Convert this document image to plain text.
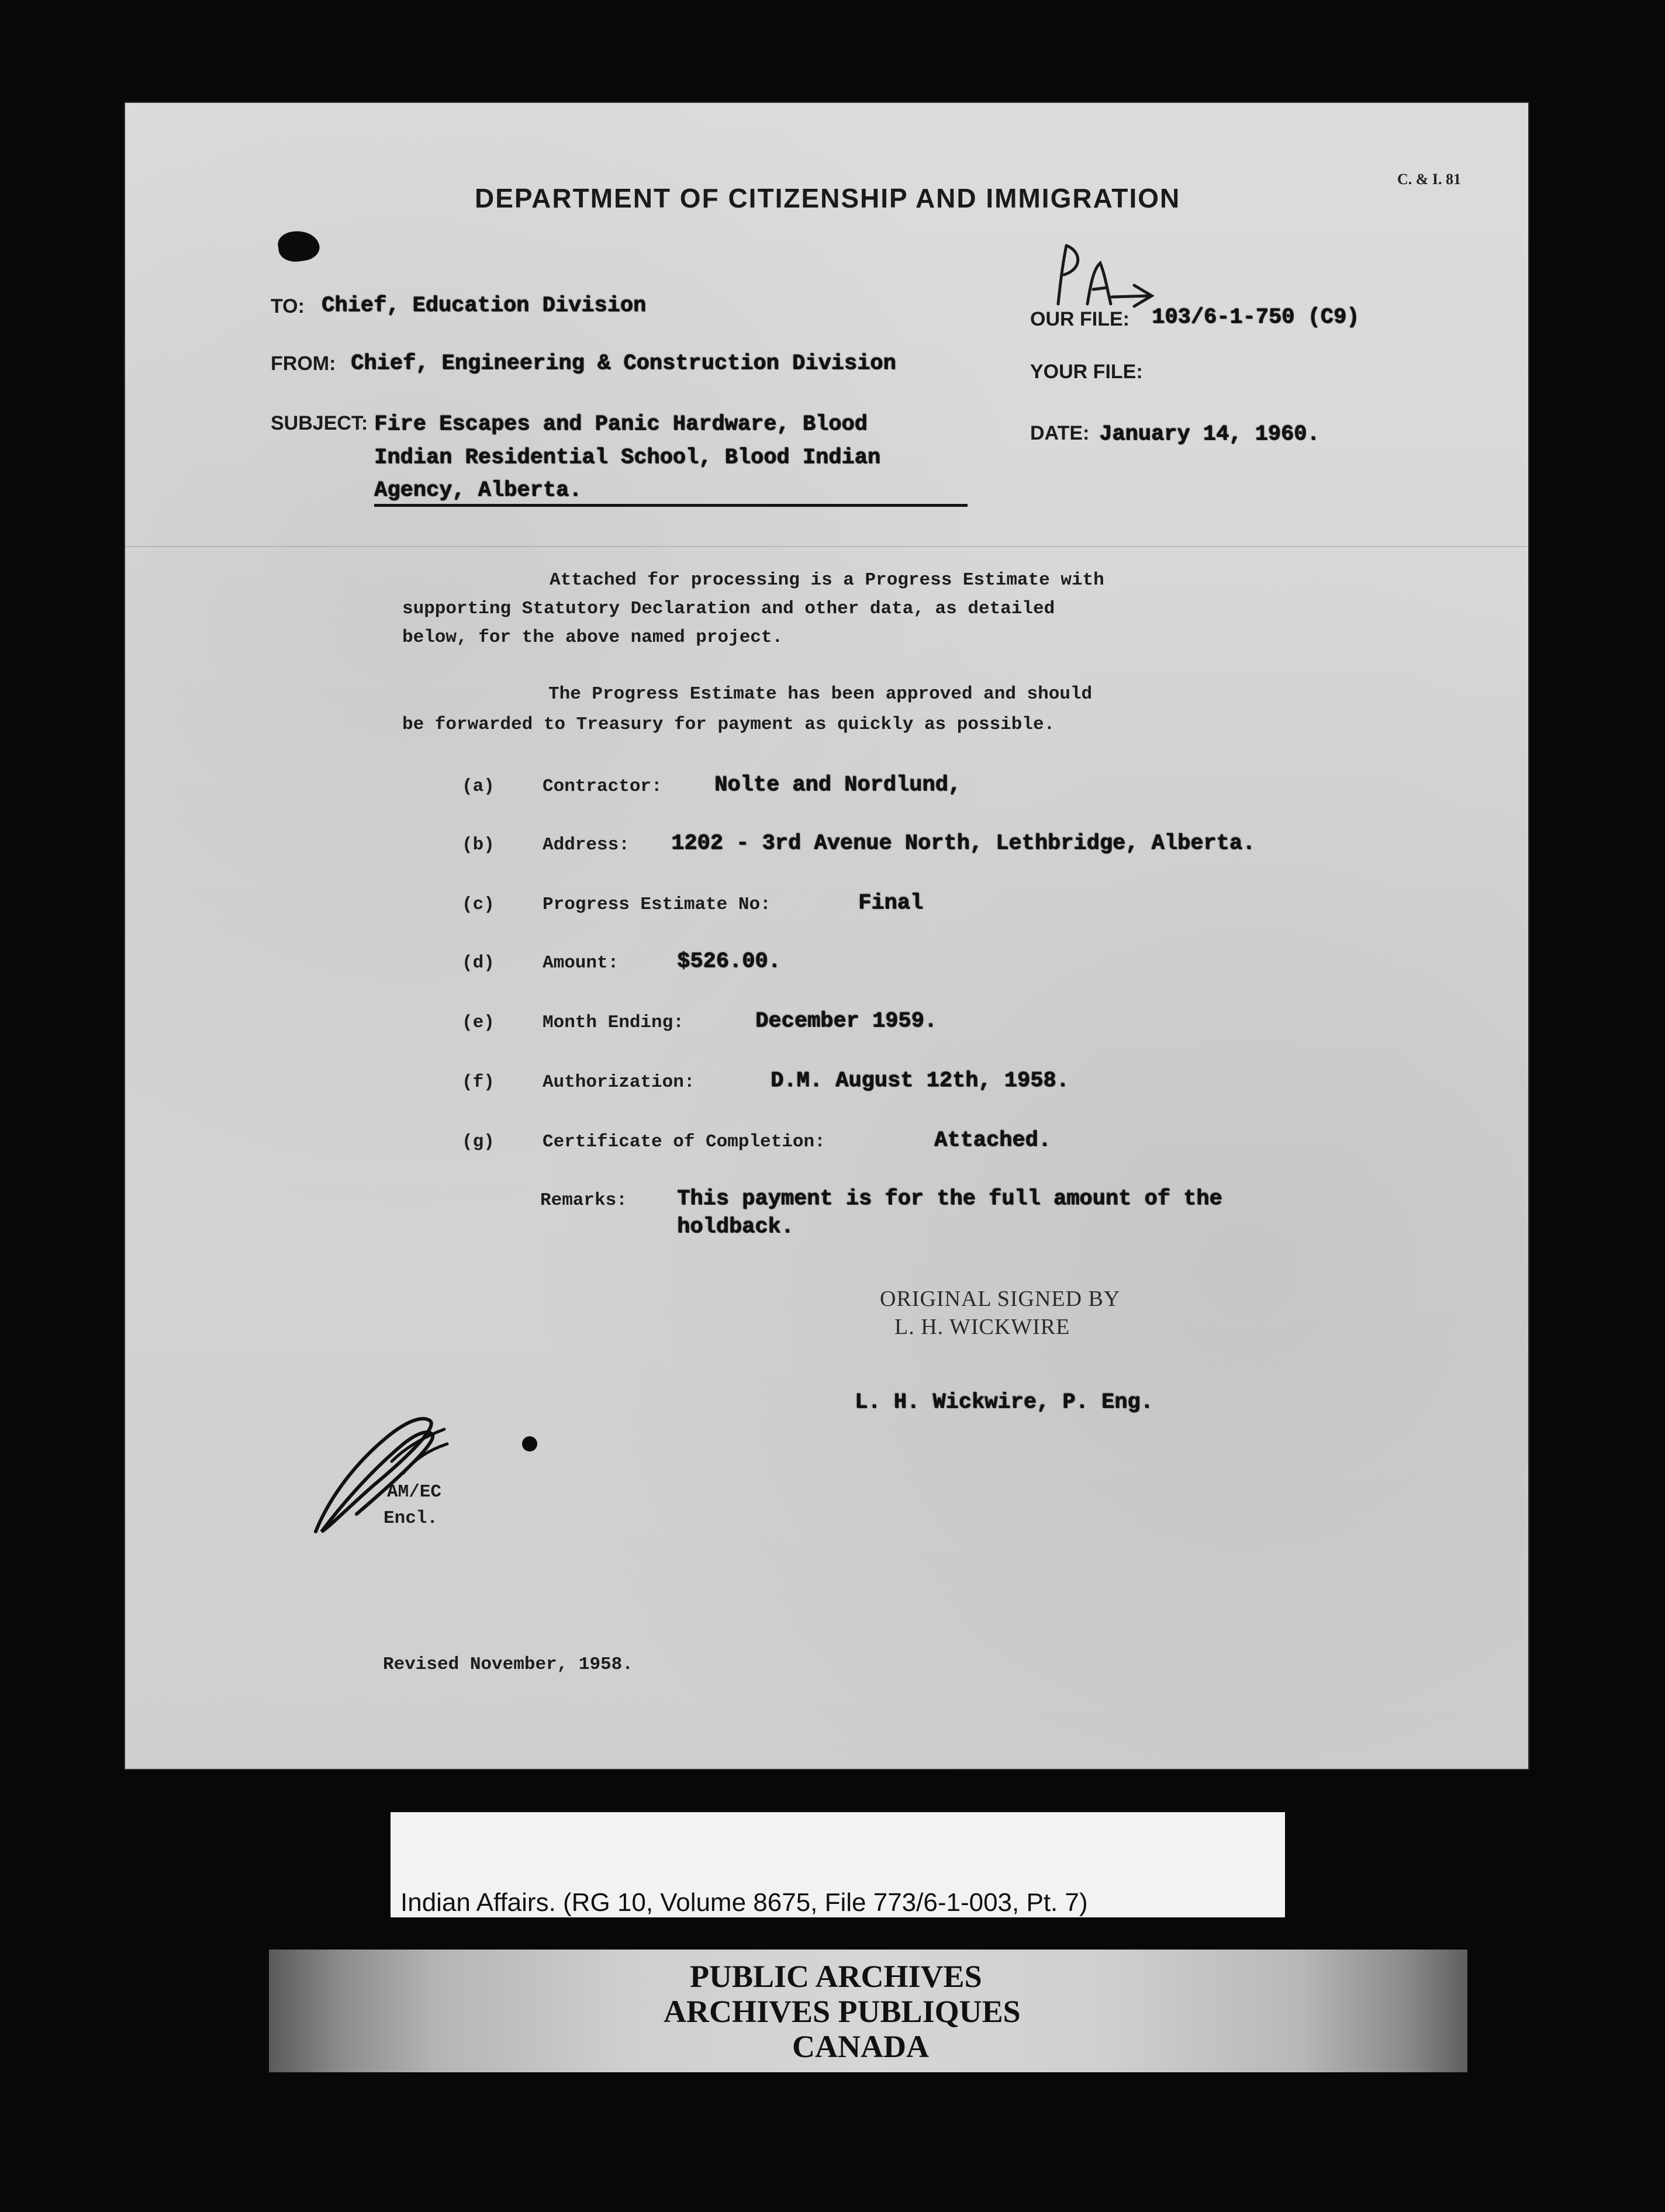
C. & I. 81
DEPARTMENT OF CITIZENSHIP AND IMMIGRATION
TO: Chief, Education Division
FROM: Chief, Engineering & Construction Division
SUBJECT: Fire Escapes and Panic Hardware, Blood
Indian Residential School, Blood Indian
Agency, Alberta.
OUR FILE: 103/6-1-750 (C9)
YOUR FILE:
DATE: January 14, 1960.
Attached for processing is a Progress Estimate with
supporting Statutory Declaration and other data, as detailed
below, for the above named project.
The Progress Estimate has been approved and should
be forwarded to Treasury for payment as quickly as possible.
(a)	Contractor: Nolte and Nordlund,
(b)	Address: 1202 - 3rd Avenue North, Lethbridge, Alberta.
(c)	Progress Estimate No:	Final
(d)	Amount:	$526.00.
(e)	Month Ending:	December 1959.
(f)	Authorization:	D.M. August 12th, 1958.
(g)	Certificate of Completion:	Attached.
Remarks: This payment is for the full amount of the
holdback.
ORIGINAL SIGNED BY
L. H. WICKWIRE
L. H. Wickwire, P. Eng.
AM/EC
Encl.
Revised November, 1958.
Indian Affairs. (RG 10, Volume 8675, File 773/6-1-003, Pt. 7)
PUBLIC ARCHIVES
ARCHIVES PUBLIQUES
CANADA
